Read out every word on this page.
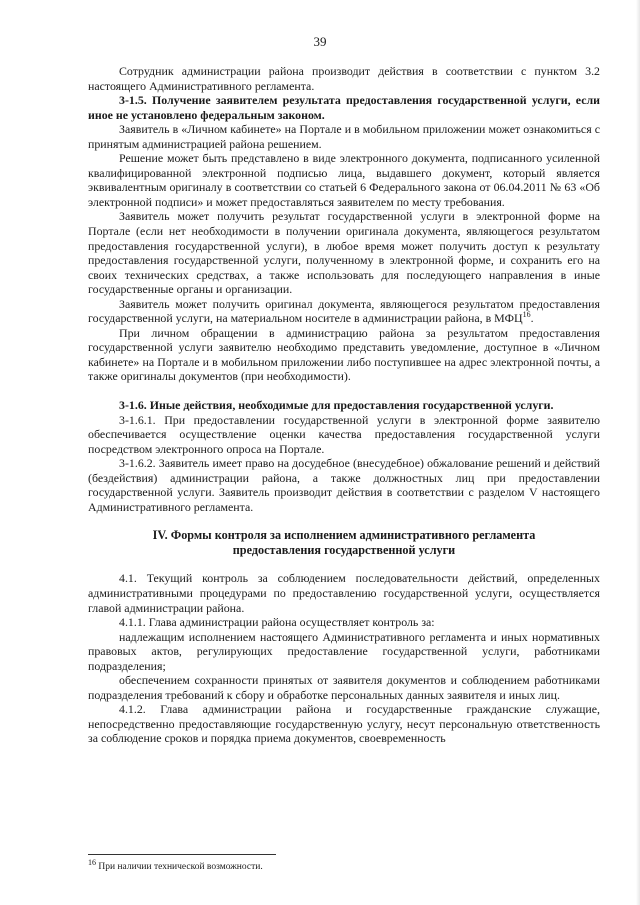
39

Сотрудник администрации района производит действия в соответствии с пунктом 3.2 настоящего Административного регламента.

3-1.5. Получение заявителем результата предоставления государственной услуги, если иное не установлено федеральным законом.

Заявитель в «Личном кабинете» на Портале и в мобильном приложении может ознакомиться с принятым администрацией района решением.

Решение может быть представлено в виде электронного документа, подписанного усиленной квалифицированной электронной подписью лица, выдавшего документ, который является эквивалентным оригиналу в соответствии со статьей 6 Федерального закона от 06.04.2011 № 63 «Об электронной подписи» и может предоставляться заявителем по месту требования.

Заявитель может получить результат государственной услуги в электронной форме на Портале (если нет необходимости в получении оригинала документа, являющегося результатом предоставления государственной услуги), в любое время может получить доступ к результату предоставления государственной услуги, полученному в электронной форме, и сохранить его на своих технических средствах, а также использовать для последующего направления в иные государственные органы и организации.

Заявитель может получить оригинал документа, являющегося результатом предоставления государственной услуги, на материальном носителе в администрации района, в МФЦ$^{16}$.

При личном обращении в администрацию района за результатом предоставления государственной услуги заявителю необходимо представить уведомление, доступное в «Личном кабинете» на Портале и в мобильном приложении либо поступившее на адрес электронной почты, а также оригиналы документов (при необходимости).

3-1.6. Иные действия, необходимые для предоставления государственной услуги.

3-1.6.1. При предоставлении государственной услуги в электронной форме заявителю обеспечивается осуществление оценки качества предоставления государственной услуги посредством электронного опроса на Портале.

3-1.6.2. Заявитель имеет право на досудебное (внесудебное) обжалование решений и действий (бездействия) администрации района, а также должностных лиц при предоставлении государственной услуги. Заявитель производит действия в соответствии с разделом V настоящего Административного регламента.

IV. Формы контроля за исполнением административного регламента
предоставления государственной услуги

4.1. Текущий контроль за соблюдением последовательности действий, определенных административными процедурами по предоставлению государственной услуги, осуществляется главой администрации района.

4.1.1. Глава администрации района осуществляет контроль за:

надлежащим исполнением настоящего Административного регламента и иных нормативных правовых актов, регулирующих предоставление государственной услуги, работниками подразделения;

обеспечением сохранности принятых от заявителя документов и соблюдением работниками подразделения требований к сбору и обработке персональных данных заявителя и иных лиц.

4.1.2. Глава администрации района и государственные гражданские служащие, непосредственно предоставляющие государственную услугу, несут персональную ответственность за соблюдение сроков и порядка приема документов, своевременность

$^{16}$ При наличии технической возможности.
